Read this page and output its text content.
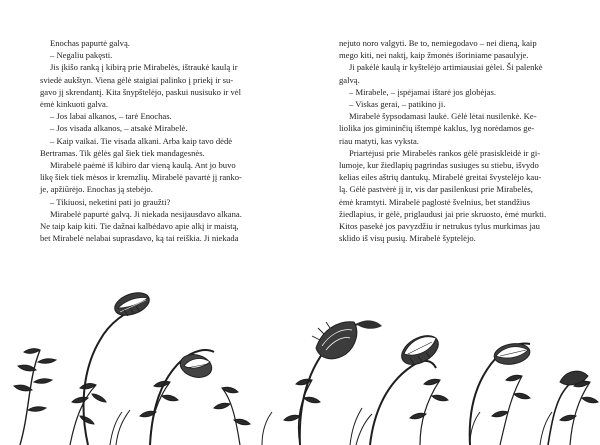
Enochas papurtė galvą.

– Negaliu pakęsti.

Jis įkišo ranką į kibirą prie Mirabelės, ištraukė kaulą ir

sviedė aukštyn. Viena gėlė staigiai palinko į priekį ir su-

gavo jį skrendantį. Kita šnypštelėjo, paskui nusisuko ir vėl

ėmė kinkuoti galva.

– Jos labai alkanos, – tarė Enochas.

– Jos visada alkanos, – atsakė Mirabelė.

– Kaip vaikai. Tie visada alkani. Arba kaip tavo dėdė

Bertramas. Tik gėlės gal šiek tiek mandagesnės.

Mirabelė paėmė iš kibiro dar vieną kaulą. Ant jo buvo

likę šiek tiek mėsos ir kremzlių. Mirabelė pavartė jį ranko-

je, apžiūrėjo. Enochas ją stebėjo.

– Tikiuosi, neketini pati jo graužti?

Mirabelė papurtė galvą. Ji niekada nesijausdavo alkana.

Ne taip kaip kiti. Tie dažnai kalbėdavo apie alkį ir maistą,

bet Mirabelė nelabai suprasdavo, ką tai reiškia. Ji niekada

nejuto noro valgyti. Be to, nemiegodavo – nei dieną, kaip

mego kiti, nei naktį, kaip žmonės išoriniame pasaulyje.

Ji pakėlė kaulą ir kyštelėjo artimiausiai gėlei. Ši palenkė

galvą.

– Mirabele, – įspėjamai ištarė jos globėjas.

– Viskas gerai, – patikino ji.

Mirabelė šypsodamasi laukė. Gėlė lėtai nusilenkė. Ke-

liolika jos gimininčių ištempė kaklus, lyg norėdamos ge-

riau matyti, kas vyksta.

Priartėjusi prie Mirabelės rankos gėlė prasiskleidė ir gi-

lumoje, kur žiedlapių pagrindas susiuges su stiebu, išvydo

kelias eiles aštrių dantukų. Mirabelė greitai švystelėjo kau-

lą. Gėlė pastvėrė jį ir, vis dar pasilenkusi prie Mirabelės,

ėmė kramtyti. Mirabelė paglostė švelnius, bet standžius

žiedlapius, ir gėlė, priglaudusi jai prie skruosto, ėmė murkti.

Kitos pasekė jos pavyzdžiu ir netrukus tylus murkimas jau

sklido iš visų pusių. Mirabelė šyptelėjo.
